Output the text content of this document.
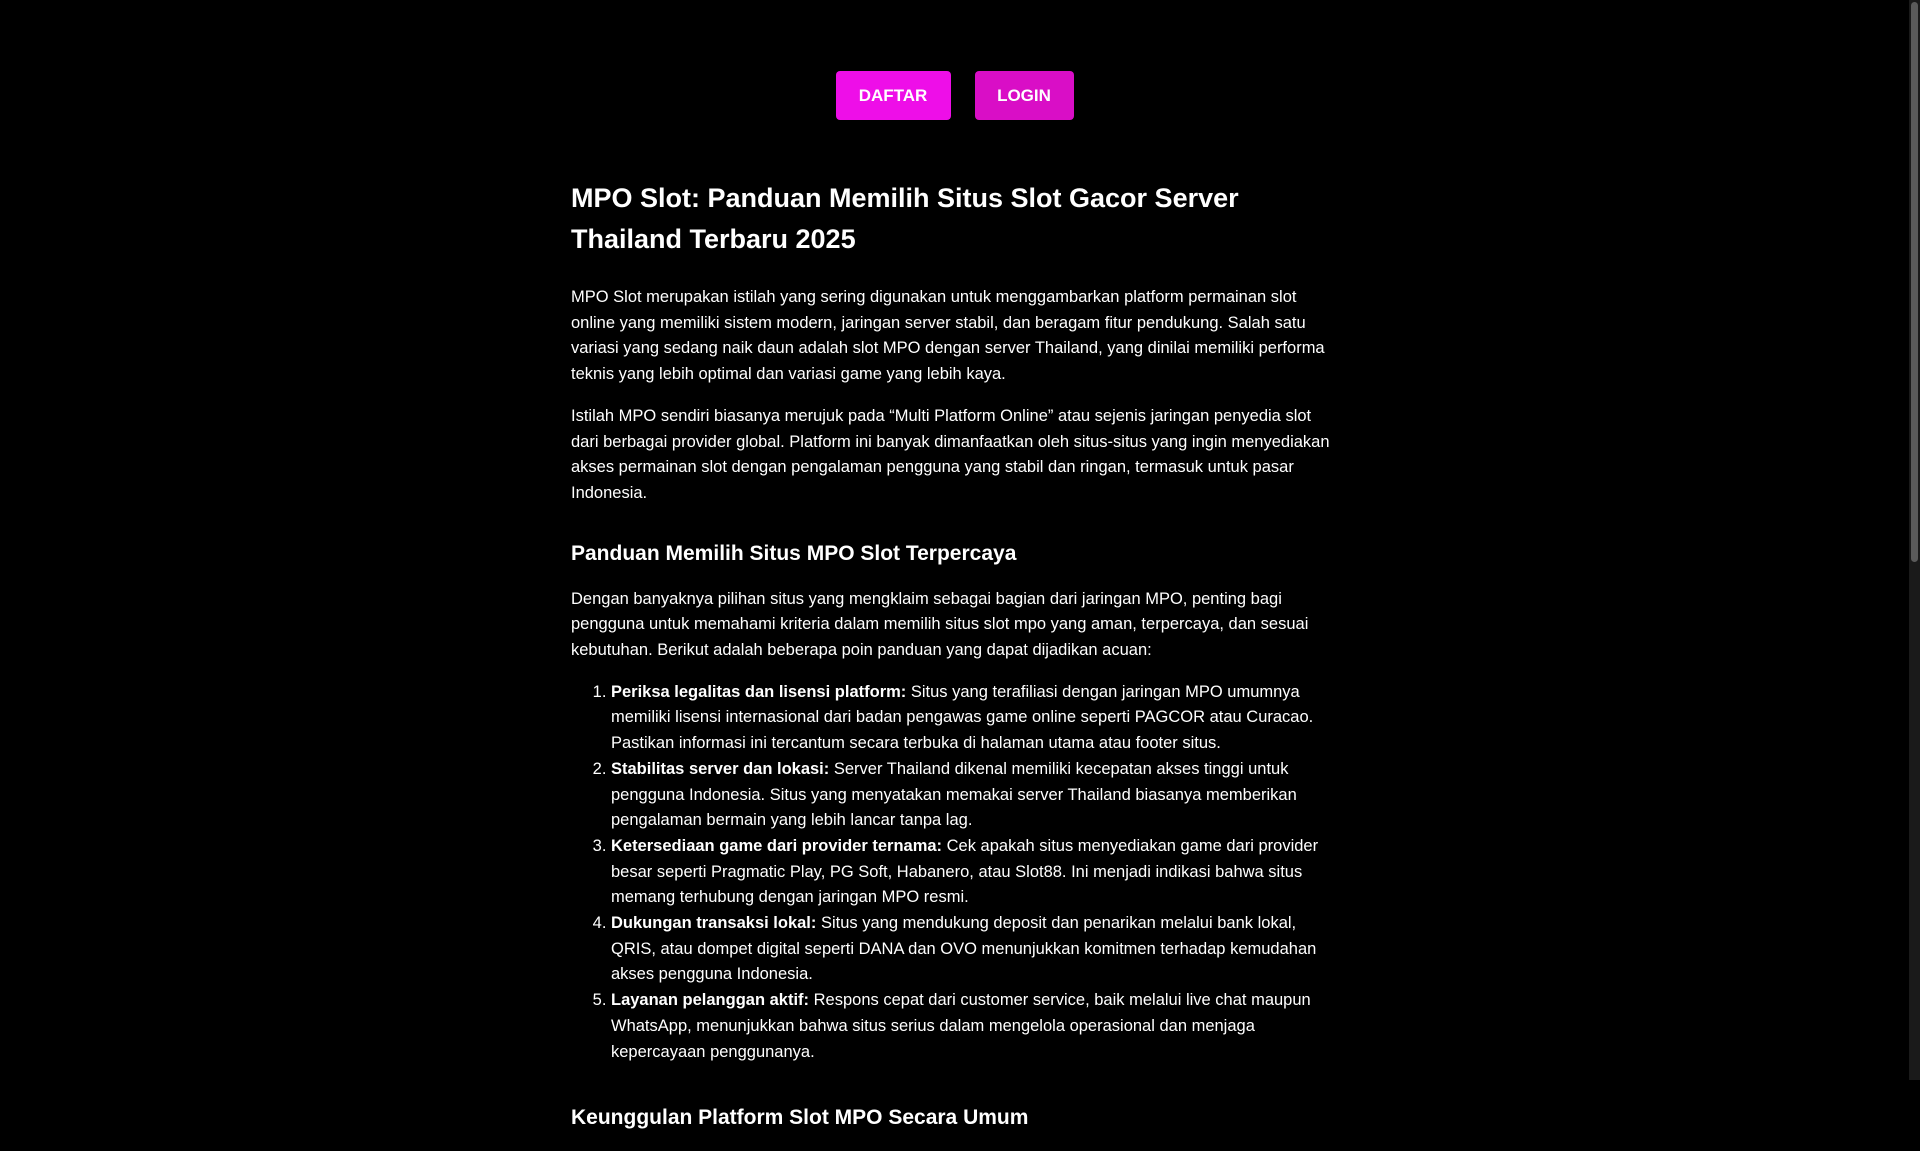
DAFTAR	LOGIN
MPO Slot: Panduan Memilih Situs Slot Gacor Server Thailand Terbaru 2025

MPO Slot merupakan istilah yang sering digunakan untuk menggambarkan platform permainan slot online yang memiliki sistem modern, jaringan server stabil, dan beragam fitur pendukung. Salah satu variasi yang sedang naik daun adalah slot MPO dengan server Thailand, yang dinilai memiliki performa teknis yang lebih optimal dan variasi game yang lebih kaya.

Istilah MPO sendiri biasanya merujuk pada “Multi Platform Online” atau sejenis jaringan penyedia slot dari berbagai provider global. Platform ini banyak dimanfaatkan oleh situs-situs yang ingin menyediakan akses permainan slot dengan pengalaman pengguna yang stabil dan ringan, termasuk untuk pasar Indonesia.

Panduan Memilih Situs MPO Slot Terpercaya

Dengan banyaknya pilihan situs yang mengklaim sebagai bagian dari jaringan MPO, penting bagi pengguna untuk memahami kriteria dalam memilih situs slot mpo yang aman, terpercaya, dan sesuai kebutuhan. Berikut adalah beberapa poin panduan yang dapat dijadikan acuan:

1. Periksa legalitas dan lisensi platform: Situs yang terafiliasi dengan jaringan MPO umumnya memiliki lisensi internasional dari badan pengawas game online seperti PAGCOR atau Curacao. Pastikan informasi ini tercantum secara terbuka di halaman utama atau footer situs.
2. Stabilitas server dan lokasi: Server Thailand dikenal memiliki kecepatan akses tinggi untuk pengguna Indonesia. Situs yang menyatakan memakai server Thailand biasanya memberikan pengalaman bermain yang lebih lancar tanpa lag.
3. Ketersediaan game dari provider ternama: Cek apakah situs menyediakan game dari provider besar seperti Pragmatic Play, PG Soft, Habanero, atau Slot88. Ini menjadi indikasi bahwa situs memang terhubung dengan jaringan MPO resmi.
4. Dukungan transaksi lokal: Situs yang mendukung deposit dan penarikan melalui bank lokal, QRIS, atau dompet digital seperti DANA dan OVO menunjukkan komitmen terhadap kemudahan akses pengguna Indonesia.
5. Layanan pelanggan aktif: Respons cepat dari customer service, baik melalui live chat maupun WhatsApp, menunjukkan bahwa situs serius dalam mengelola operasional dan menjaga kepercayaan penggunanya.
Keunggulan Platform Slot MPO Secara Umum
